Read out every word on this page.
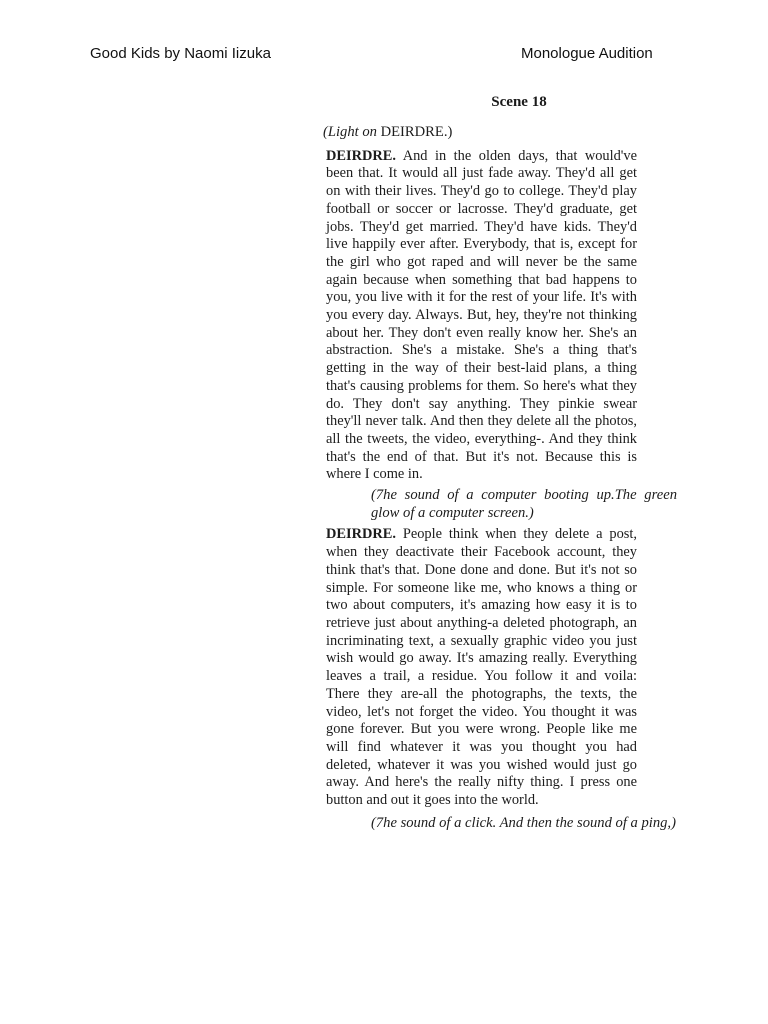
Good Kids by Naomi Iizuka	Monologue Audition
Scene 18
(Light on DEIRDRE.)
DEIRDRE. And in the olden days, that would've been that. It would all just fade away. They'd all get on with their lives. They'd go to college. They'd play football or soccer or lacrosse. They'd graduate, get jobs. They'd get married. They'd have kids. They'd live happily ever after. Everybody, that is, except for the girl who got raped and will never be the same again because when something that bad happens to you, you live with it for the rest of your life. It's with you every day. Always. But, hey, they're not thinking about her. They don't even really know her. She's an abstraction. She's a mistake. She's a thing that's getting in the way of their best-laid plans, a thing that's causing problems for them. So here's what they do. They don't say anything. They pinkie swear they'll never talk. And then they delete all the photos, all the tweets, the video, everything-. And they think that's the end of that. But it's not. Because this is where I come in.
(7he sound of a computer booting up.The green glow of a computer screen.)
DEIRDRE. People think when they delete a post, when they deactivate their Facebook account, they think that's that. Done done and done. But it's not so simple. For someone like me, who knows a thing or two about computers, it's amazing how easy it is to retrieve just about anything-a deleted photograph, an incriminating text, a sexually graphic video you just wish would go away. It's amazing really. Everything leaves a trail, a residue. You follow it and voila: There they are-all the photographs, the texts, the video, let's not forget the video. You thought it was gone forever. But you were wrong. People like me will find whatever it was you thought you had deleted, whatever it was you wished would just go away. And here's the really nifty thing. I press one button and out it goes into the world.
(7he sound of a click. And then the sound of a ping,)
